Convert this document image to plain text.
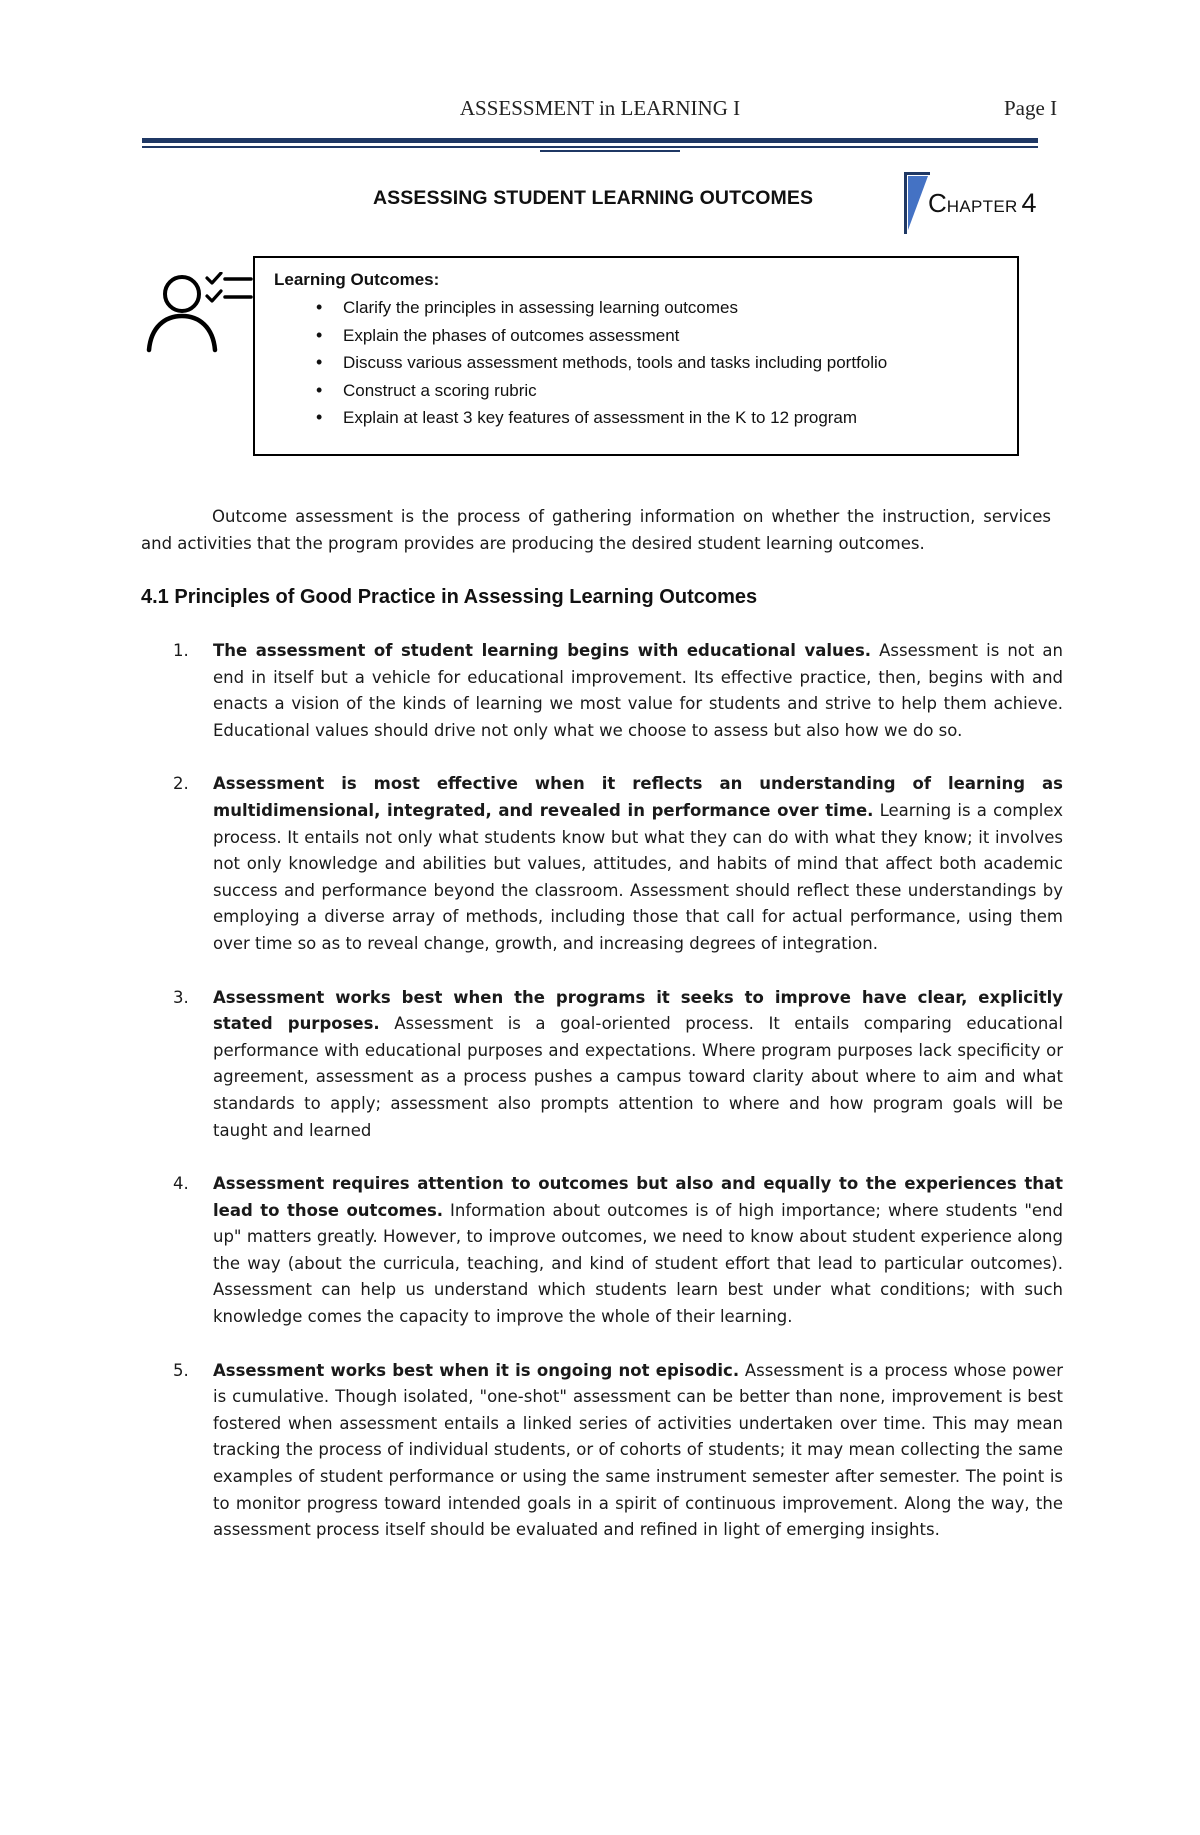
ASSESSMENT in LEARNING I	Page I
ASSESSING STUDENT LEARNING OUTCOMES	CHAPTER 4
Learning Outcomes:
• Clarify the principles in assessing learning outcomes
• Explain the phases of outcomes assessment
• Discuss various assessment methods, tools and tasks including portfolio
• Construct a scoring rubric
• Explain at least 3 key features of assessment in the K to 12 program

Outcome assessment is the process of gathering information on whether the instruction, services and activities that the program provides are producing the desired student learning outcomes.

4.1 Principles of Good Practice in Assessing Learning Outcomes
1. The assessment of student learning begins with educational values. Assessment is not an end in itself but a vehicle for educational improvement. Its effective practice, then, begins with and enacts a vision of the kinds of learning we most value for students and strive to help them achieve. Educational values should drive not only what we choose to assess but also how we do so.
2. Assessment is most effective when it reflects an understanding of learning as multidimensional, integrated, and revealed in performance over time. Learning is a complex process. It entails not only what students know but what they can do with what they know; it involves not only knowledge and abilities but values, attitudes, and habits of mind that affect both academic success and performance beyond the classroom. Assessment should reflect these understandings by employing a diverse array of methods, including those that call for actual performance, using them over time so as to reveal change, growth, and increasing degrees of integration.
3. Assessment works best when the programs it seeks to improve have clear, explicitly stated purposes. Assessment is a goal-oriented process. It entails comparing educational performance with educational purposes and expectations. Where program purposes lack specificity or agreement, assessment as a process pushes a campus toward clarity about where to aim and what standards to apply; assessment also prompts attention to where and how program goals will be taught and learned
4. Assessment requires attention to outcomes but also and equally to the experiences that lead to those outcomes. Information about outcomes is of high importance; where students "end up" matters greatly. However, to improve outcomes, we need to know about student experience along the way (about the curricula, teaching, and kind of student effort that lead to particular outcomes). Assessment can help us understand which students learn best under what conditions; with such knowledge comes the capacity to improve the whole of their learning.
5. Assessment works best when it is ongoing not episodic. Assessment is a process whose power is cumulative. Though isolated, "one-shot" assessment can be better than none, improvement is best fostered when assessment entails a linked series of activities undertaken over time. This may mean tracking the process of individual students, or of cohorts of students; it may mean collecting the same examples of student performance or using the same instrument semester after semester. The point is to monitor progress toward intended goals in a spirit of continuous improvement. Along the way, the assessment process itself should be evaluated and refined in light of emerging insights.
